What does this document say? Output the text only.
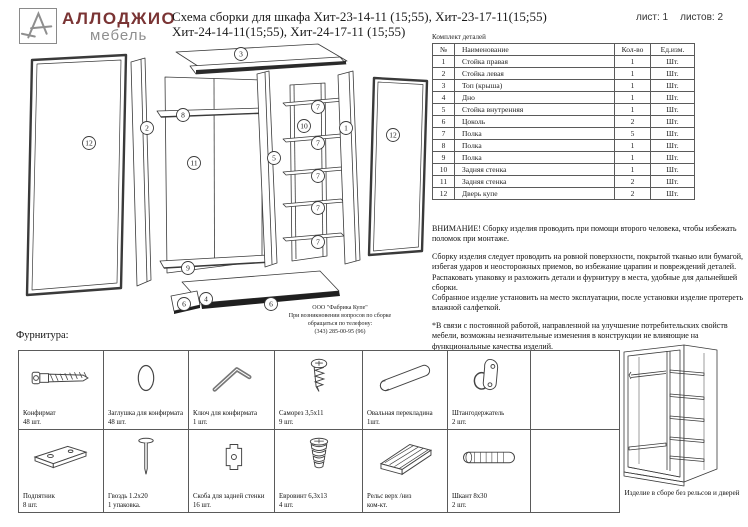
АЛЛОДЖИО
мебель
Схема сборки для шкафа Хит-23-14-11 (15;55), Хит-23-17-11(15;55)
Хит-24-14-11(15;55), Хит-24-17-11 (15;55)
лист: 1 листов: 2
3
12
2
8
11
9
5
10
7
7
7
7
7
1
12
6
4
6	ООО "Фабрика Купе"
При возникновении вопросов по сборке
обращаться по телефону:
(343) 285-00-95 (96)
Комплект деталей
№	Наименование	Кол-во	Ед.изм.
1	Стойка правая	1	Шт.
2	Стойка левая	1	Шт.
3	Топ (крыша)	1	Шт.
4	Дно	1	Шт.
5	Стойка внутренняя	1	Шт.
6	Цоколь	2	Шт.
7	Полка	5	Шт.
8	Полка	1	Шт.
9	Полка	1	Шт.
10	Задняя стенка	1	Шт.
11	Задняя стенка	2	Шт.
12	Дверь купе	2	Шт.
ВНИМАНИЕ! Сборку изделия проводить при помощи второго человека, чтобы избежать поломок при монтаже.
Сборку изделия следует проводить на ровной поверхности, покрытой тканью или бумагой, избегая ударов и неосторожных приемов, во избежание царапин и повреждений деталей.
Распаковать упаковку и разложить детали и фурнитуру в места, удобные для дальнейшей сборки.
Собранное изделие установить на место эксплуатации, после установки изделие протереть влажной салфеткой.
*В связи с постоянной работой, направленной на улучшение потребительских свойств мебели, возможны незначительные изменения в конструкции не влияющие на функциональные качества изделий.
Фурнитура:
Конфирмат
48 шт.
Заглушка для конфирмата
48 шт.
Ключ для конфирмата
1 шт.
Саморез 3,5х11
9 шт.
Овальная перекладина
1шт.
Штангодержатель
2 шт.
Подпятник
8 шт.
Гвоздь 1.2х20
1 упаковка.
Скоба для задней стенки
16 шт.
Евровинт 6,3х13
4 шт.
Рельс верх /низ
ком-кт.
Шкант 8х30
2 шт.
Изделие в сборе без рельсов и дверей
